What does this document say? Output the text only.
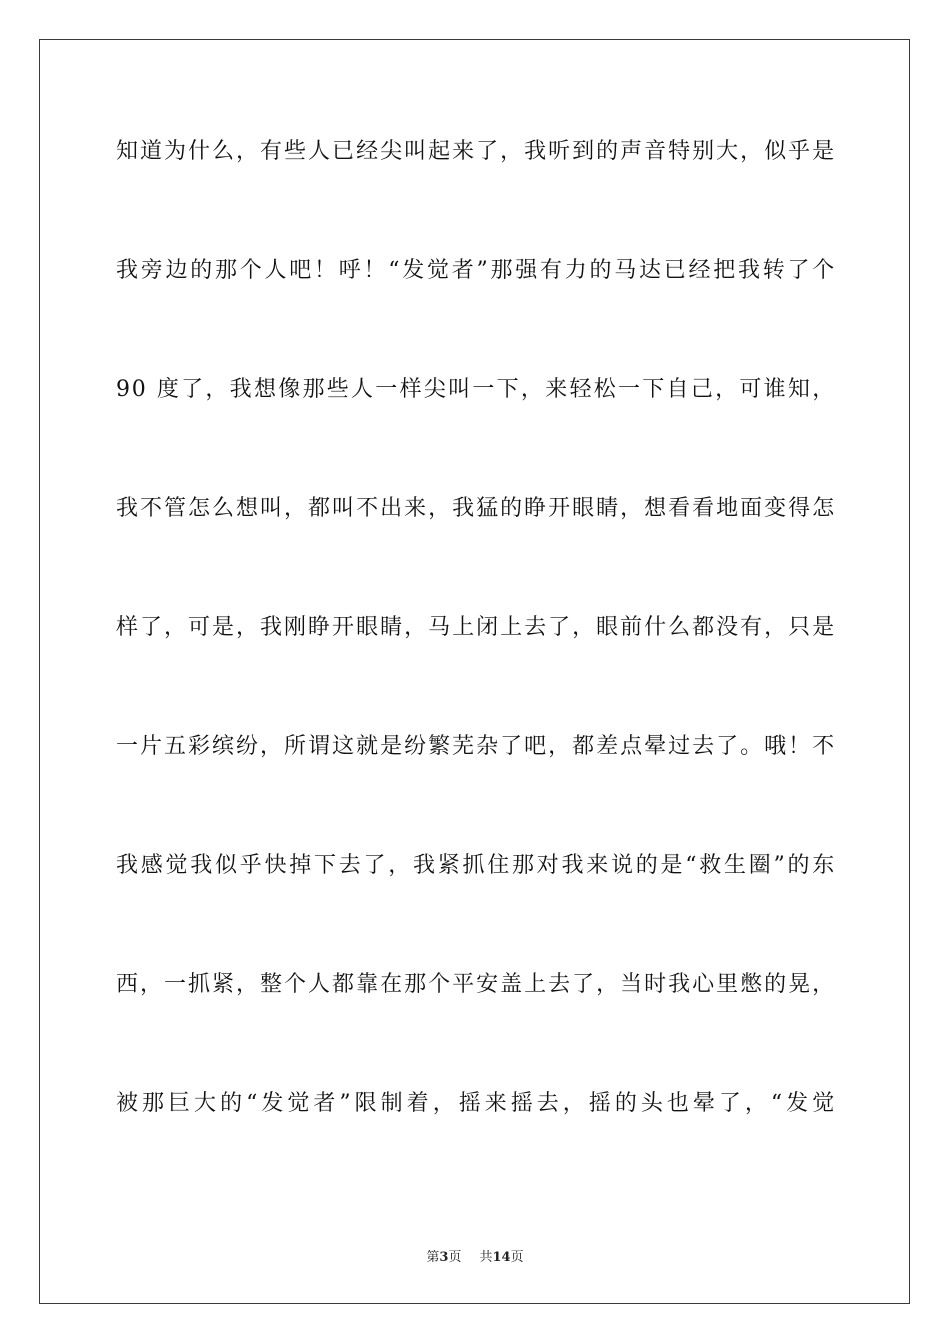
知道为什么，有些人已经尖叫起来了，我听到的声音特别大，似乎是
我旁边的那个人吧！呼！“发觉者”那强有力的马达已经把我转了个
90 度了，我想像那些人一样尖叫一下，来轻松一下自己，可谁知，
我不管怎么想叫，都叫不出来，我猛的睁开眼睛，想看看地面变得怎
样了，可是，我刚睁开眼睛，马上闭上去了，眼前什么都没有，只是
一片五彩缤纷，所谓这就是纷繁芜杂了吧，都差点晕过去了。哦！不
我感觉我似乎快掉下去了，我紧抓住那对我来说的是“救生圈”的东
西，一抓紧，整个人都靠在那个平安盖上去了，当时我心里憋的晃，
被那巨大的“发觉者”限制着，摇来摇去，摇的头也晕了，“发觉
第3页 共14页
